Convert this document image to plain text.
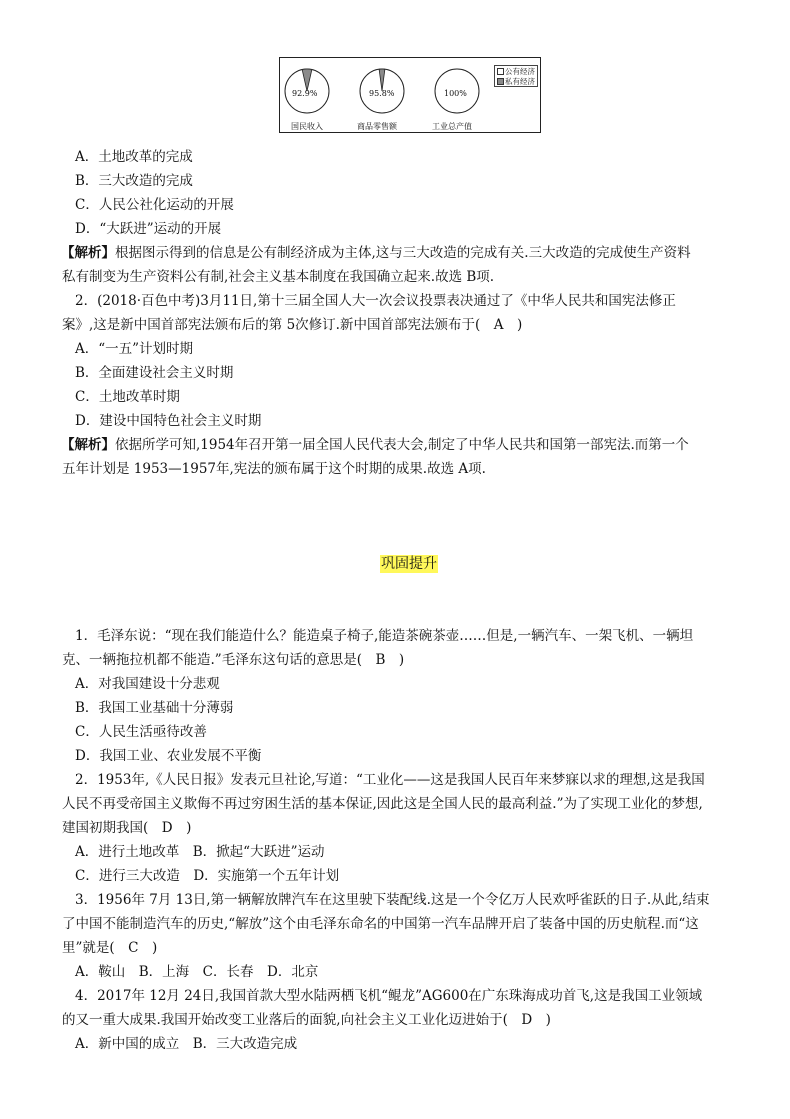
公有经济
私有经济
92.9%	95.8%	100%
国民收入	商品零售额	工业总产值
A．土地改革的完成
B．三大改造的完成
C．人民公社化运动的开展
D．“大跃进”运动的开展
【解析】根据图示得到的信息是公有制经济成为主体,这与三大改造的完成有关.三大改造的完成使生产资料
私有制变为生产资料公有制,社会主义基本制度在我国确立起来.故选 B项.
2．(2018·百色中考)3月11日,第十三届全国人大一次会议投票表决通过了《中华人民共和国宪法修正
案》,这是新中国首部宪法颁布后的第 5次修订.新中国首部宪法颁布于(　A　)
A．“一五”计划时期
B．全面建设社会主义时期
C．土地改革时期
D．建设中国特色社会主义时期
【解析】依据所学可知,1954年召开第一届全国人民代表大会,制定了中华人民共和国第一部宪法.而第一个
五年计划是 1953—1957年,宪法的颁布属于这个时期的成果.故选 A项.
巩固提升
1．毛泽东说：“现在我们能造什么？能造桌子椅子,能造茶碗茶壶……但是,一辆汽车、一架飞机、一辆坦
克、一辆拖拉机都不能造.”毛泽东这句话的意思是(　B　)
A．对我国建设十分悲观
B．我国工业基础十分薄弱
C．人民生活亟待改善
D．我国工业、农业发展不平衡
2．1953年,《人民日报》发表元旦社论,写道：“工业化——这是我国人民百年来梦寐以求的理想,这是我国
人民不再受帝国主义欺侮不再过穷困生活的基本保证,因此这是全国人民的最高利益.”为了实现工业化的梦想,
建国初期我国(　D　)
A．进行土地改革　B．掀起“大跃进”运动
C．进行三大改造　D．实施第一个五年计划
3．1956年 7月 13日,第一辆解放牌汽车在这里驶下装配线.这是一个令亿万人民欢呼雀跃的日子.从此,结束
了中国不能制造汽车的历史,“解放”这个由毛泽东命名的中国第一汽车品牌开启了装备中国的历史航程.而“这
里”就是(　C　)
A．鞍山　B．上海　C．长春　D．北京
4．2017年 12月 24日,我国首款大型水陆两栖飞机“鲲龙”AG600在广东珠海成功首飞,这是我国工业领域
的又一重大成果.我国开始改变工业落后的面貌,向社会主义工业化迈进始于(　D　)
A．新中国的成立　B．三大改造完成
